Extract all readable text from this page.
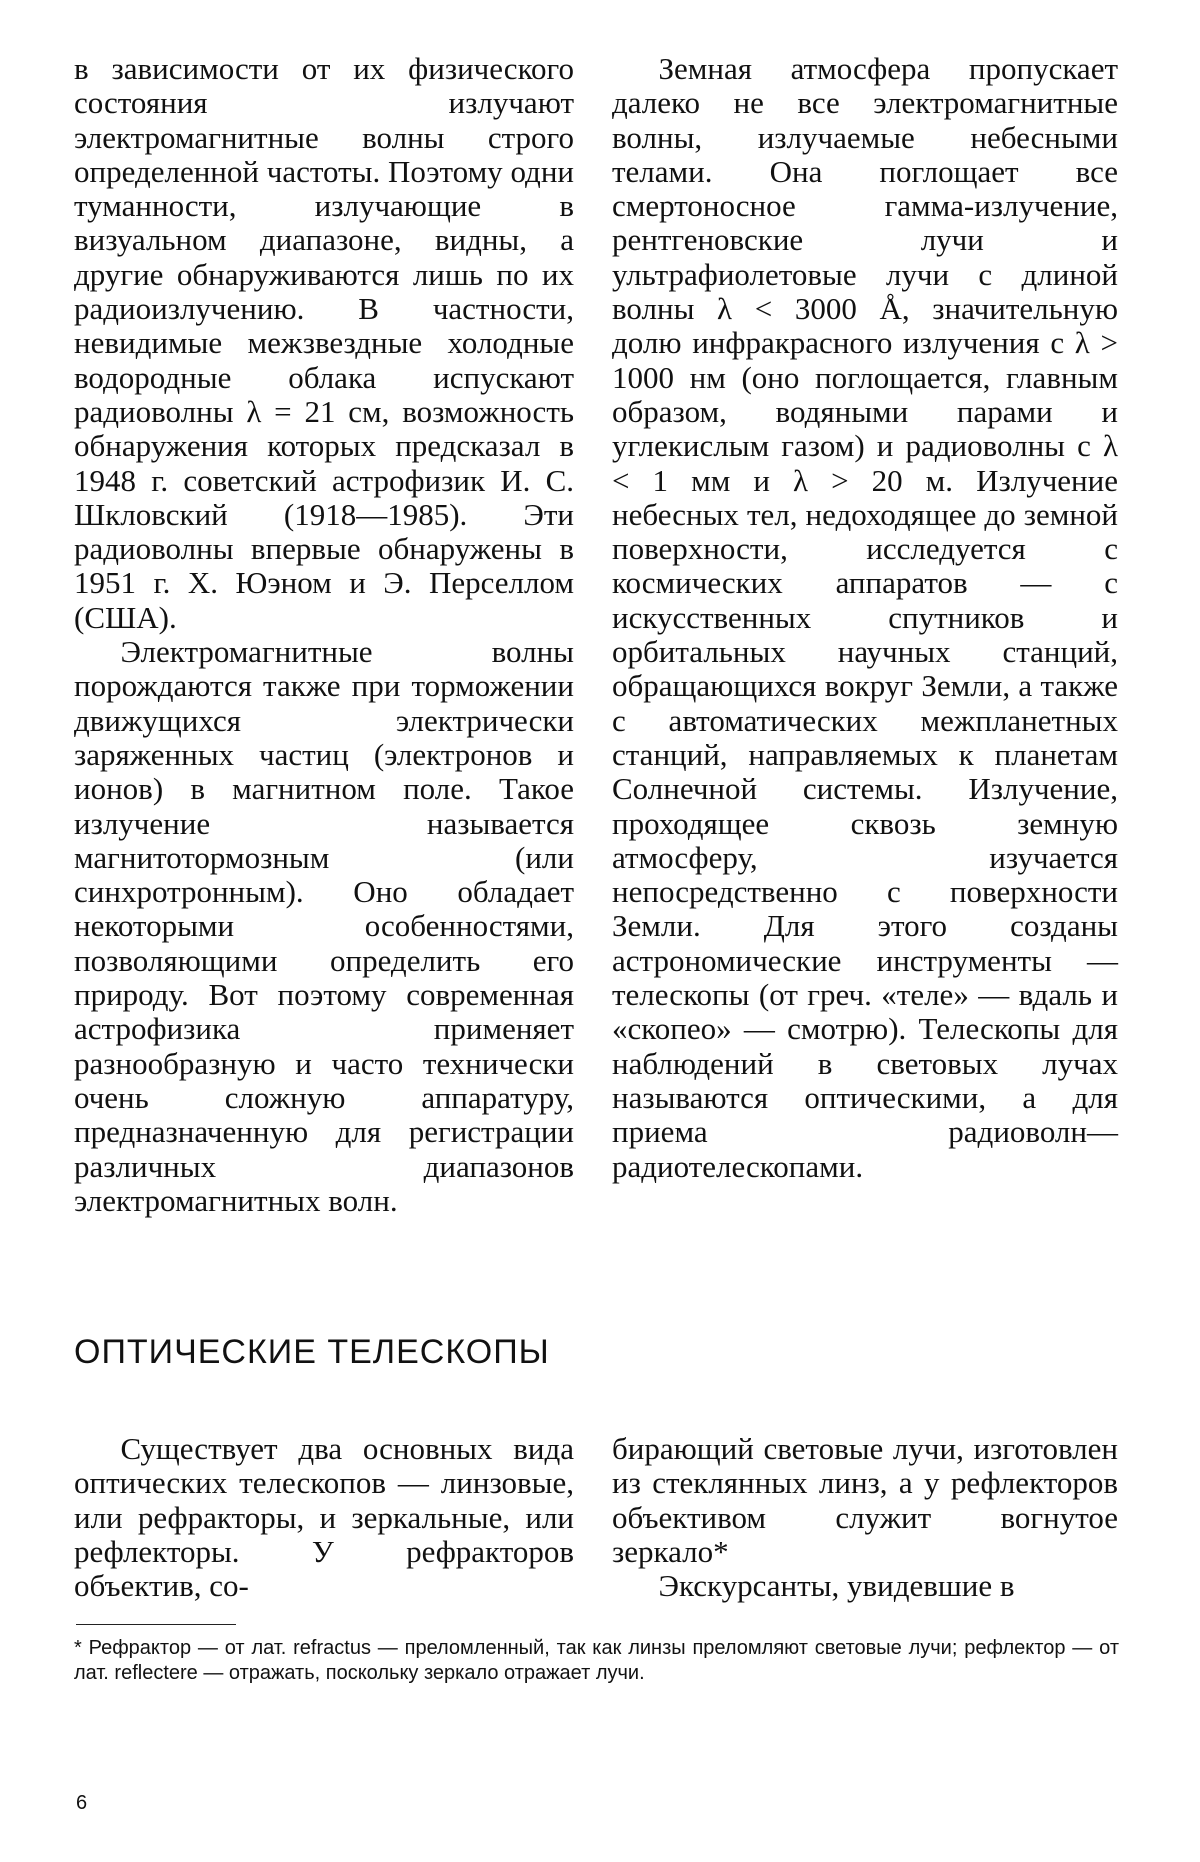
в зависимости от их физического состояния излучают электромагнитные волны строго определенной частоты. Поэтому одни туманности, излучающие в визуальном диапазоне, видны, а другие обнаруживаются лишь по их радиоизлучению. В частности, невидимые межзвездные холодные водородные облака испускают радиоволны λ = 21 см, возможность обнаружения которых предсказал в 1948 г. советский астрофизик И. С. Шкловский (1918—1985). Эти радиоволны впервые обнаружены в 1951 г. Х. Юэном и Э. Перселлом (США).

Электромагнитные волны порождаются также при торможении движущихся электрически заряженных частиц (электронов и ионов) в магнитном поле. Такое излучение называется магнитотормозным (или синхротронным). Оно обладает некоторыми особенностями, позволяющими определить его природу. Вот поэтому современная астрофизика применяет разнообразную и часто технически очень сложную аппаратуру, предназначенную для регистрации различных диапазонов электромагнитных волн.

Земная атмосфера пропускает далеко не все электромагнитные волны, излучаемые небесными телами. Она поглощает все смертоносное гамма-излучение, рентгеновские лучи и ультрафиолетовые лучи с длиной волны λ < 3000 Å, значительную долю инфракрасного излучения с λ > 1000 нм (оно поглощается, главным образом, водяными парами и углекислым газом) и радиоволны с λ < 1 мм и λ > 20 м. Излучение небесных тел, недоходящее до земной поверхности, исследуется с космических аппаратов — с искусственных спутников и орбитальных научных станций, обращающихся вокруг Земли, а также с автоматических межпланетных станций, направляемых к планетам Солнечной системы. Излучение, проходящее сквозь земную атмосферу, изучается непосредственно с поверхности Земли. Для этого созданы астрономические инструменты — телескопы (от греч. «теле» — вдаль и «скопео» — смотрю). Телескопы для наблюдений в световых лучах называются оптическими, а для приема радиоволн—радиотелескопами.

ОПТИЧЕСКИЕ ТЕЛЕСКОПЫ

Существует два основных вида оптических телескопов — линзовые, или рефракторы, и зеркальные, или рефлекторы. У рефракторов объектив, со-

бирающий световые лучи, изготовлен из стеклянных линз, а у рефлекторов объективом служит вогнутое зеркало*

Экскурсанты, увидевшие в

* Рефрактор — от лат. refractus — преломленный, так как линзы преломляют световые лучи; рефлектор — от лат. reflectere — отражать, поскольку зеркало отражает лучи.
6
